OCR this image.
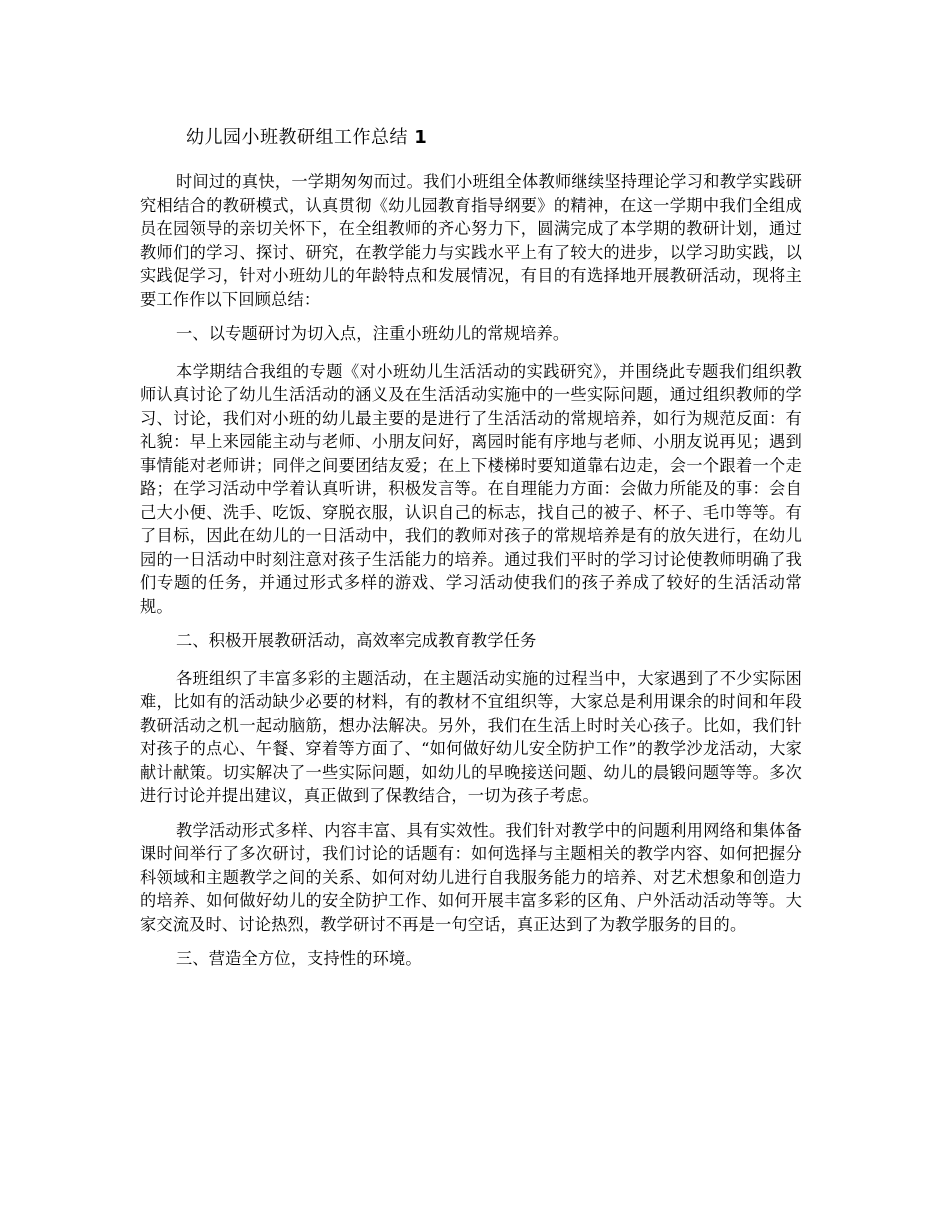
幼儿园小班教研组工作总结 1

时间过的真快，一学期匆匆而过。我们小班组全体教师继续坚持理论学习和教学实践研究相结合的教研模式，认真贯彻《幼儿园教育指导纲要》的精神，在这一学期中我们全组成员在园领导的亲切关怀下，在全组教师的齐心努力下，圆满完成了本学期的教研计划，通过教师们的学习、探讨、研究，在教学能力与实践水平上有了较大的进步，以学习助实践，以实践促学习，针对小班幼儿的年龄特点和发展情况，有目的有选择地开展教研活动，现将主要工作作以下回顾总结：

一、以专题研讨为切入点，注重小班幼儿的常规培养。

本学期结合我组的专题《对小班幼儿生活活动的实践研究》，并围绕此专题我们组织教师认真讨论了幼儿生活活动的涵义及在生活活动实施中的一些实际问题，通过组织教师的学习、讨论，我们对小班的幼儿最主要的是进行了生活活动的常规培养，如行为规范反面：有礼貌：早上来园能主动与老师、小朋友问好，离园时能有序地与老师、小朋友说再见；遇到事情能对老师讲；同伴之间要团结友爱；在上下楼梯时要知道靠右边走，会一个跟着一个走路；在学习活动中学着认真听讲，积极发言等。在自理能力方面：会做力所能及的事：会自己大小便、洗手、吃饭、穿脱衣服，认识自己的标志，找自己的被子、杯子、毛巾等等。有了目标，因此在幼儿的一日活动中，我们的教师对孩子的常规培养是有的放矢进行，在幼儿园的一日活动中时刻注意对孩子生活能力的培养。通过我们平时的学习讨论使教师明确了我们专题的任务，并通过形式多样的游戏、学习活动使我们的孩子养成了较好的生活活动常规。

二、积极开展教研活动，高效率完成教育教学任务

各班组织了丰富多彩的主题活动，在主题活动实施的过程当中，大家遇到了不少实际困难，比如有的活动缺少必要的材料，有的教材不宜组织等，大家总是利用课余的时间和年段教研活动之机一起动脑筋，想办法解决。另外，我们在生活上时时关心孩子。比如，我们针对孩子的点心、午餐、穿着等方面了、“如何做好幼儿安全防护工作”的教学沙龙活动，大家献计献策。切实解决了一些实际问题，如幼儿的早晚接送问题、幼儿的晨锻问题等等。多次进行讨论并提出建议，真正做到了保教结合，一切为孩子考虑。

教学活动形式多样、内容丰富、具有实效性。我们针对教学中的问题利用网络和集体备课时间举行了多次研讨，我们讨论的话题有：如何选择与主题相关的教学内容、如何把握分科领域和主题教学之间的关系、如何对幼儿进行自我服务能力的培养、对艺术想象和创造力的培养、如何做好幼儿的安全防护工作、如何开展丰富多彩的区角、户外活动活动等等。大家交流及时、讨论热烈，教学研讨不再是一句空话，真正达到了为教学服务的目的。

三、营造全方位，支持性的环境。
